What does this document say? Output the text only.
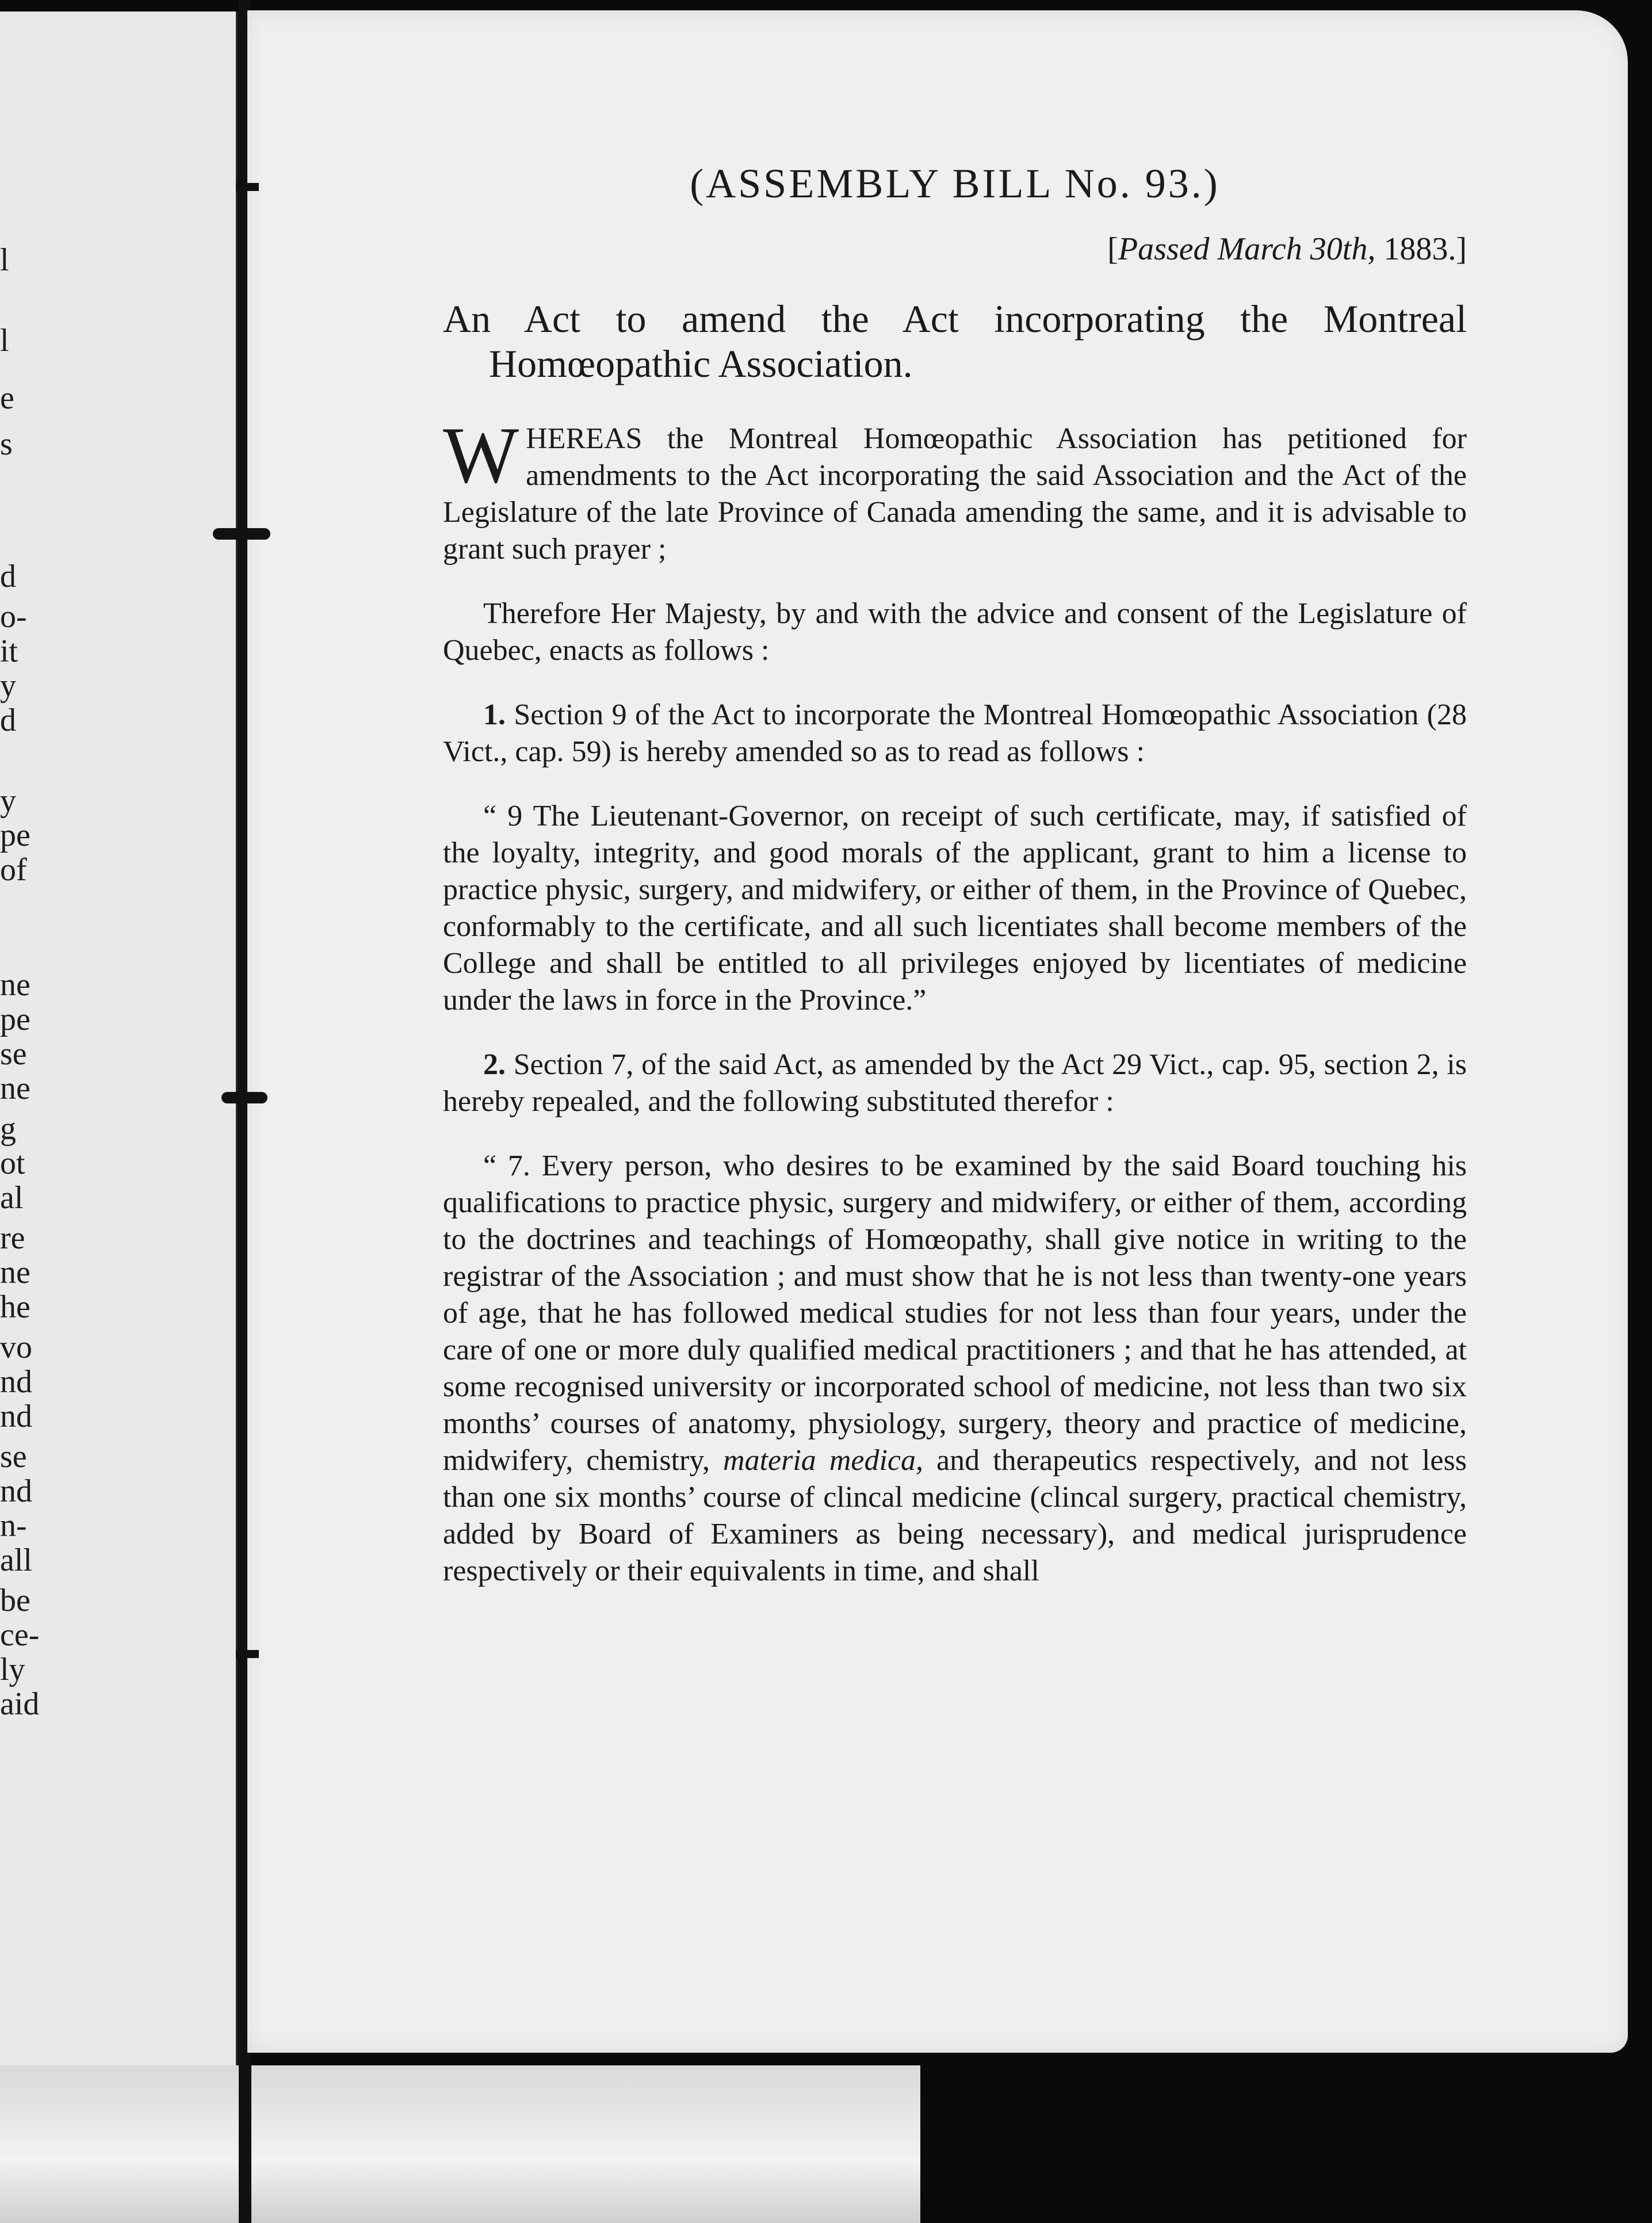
l
l
e
s
d
o-
it
y
d
y
pe
of
ne
pe
se
ne
g
ot
al
re
ne
he
vo
nd
nd
se
nd
n-
all
be
ce-
ly
aid
(ASSEMBLY BILL No. 93.)
[Passed March 30th, 1883.]
An Act to amend the Act incorporating the Montreal Homœopathic Association.
WHEREAS the Montreal Homœopathic Association has petitioned for amendments to the Act incorporating the said Association and the Act of the Legislature of the late Province of Canada amending the same, and it is advisable to grant such prayer ;
Therefore Her Majesty, by and with the advice and consent of the Legislature of Quebec, enacts as follows :
1. Section 9 of the Act to incorporate the Montreal Homœopathic Association (28 Vict., cap. 59) is hereby amended so as to read as follows :
“ 9 The Lieutenant-Governor, on receipt of such certificate, may, if satisfied of the loyalty, integrity, and good morals of the applicant, grant to him a license to practice physic, surgery, and midwifery, or either of them, in the Province of Quebec, conformably to the certificate, and all such licentiates shall become members of the College and shall be entitled to all privileges enjoyed by licentiates of medicine under the laws in force in the Province.”
2. Section 7, of the said Act, as amended by the Act 29 Vict., cap. 95, section 2, is hereby repealed, and the following substituted therefor :
“ 7. Every person, who desires to be examined by the said Board touching his qualifications to practice physic, surgery and midwifery, or either of them, according to the doctrines and teachings of Homœopathy, shall give notice in writing to the registrar of the Association ; and must show that he is not less than twenty-one years of age, that he has followed medical studies for not less than four years, under the care of one or more duly qualified medical practitioners ; and that he has attended, at some recognised university or incorporated school of medicine, not less than two six months’ courses of anatomy, physiology, surgery, theory and practice of medicine, midwifery, chemistry, materia medica, and therapeutics respectively, and not less than one six months’ course of clincal medicine (clincal surgery, practical chemistry, added by Board of Examiners as being necessary), and medical jurisprudence respectively or their equivalents in time, and shall
